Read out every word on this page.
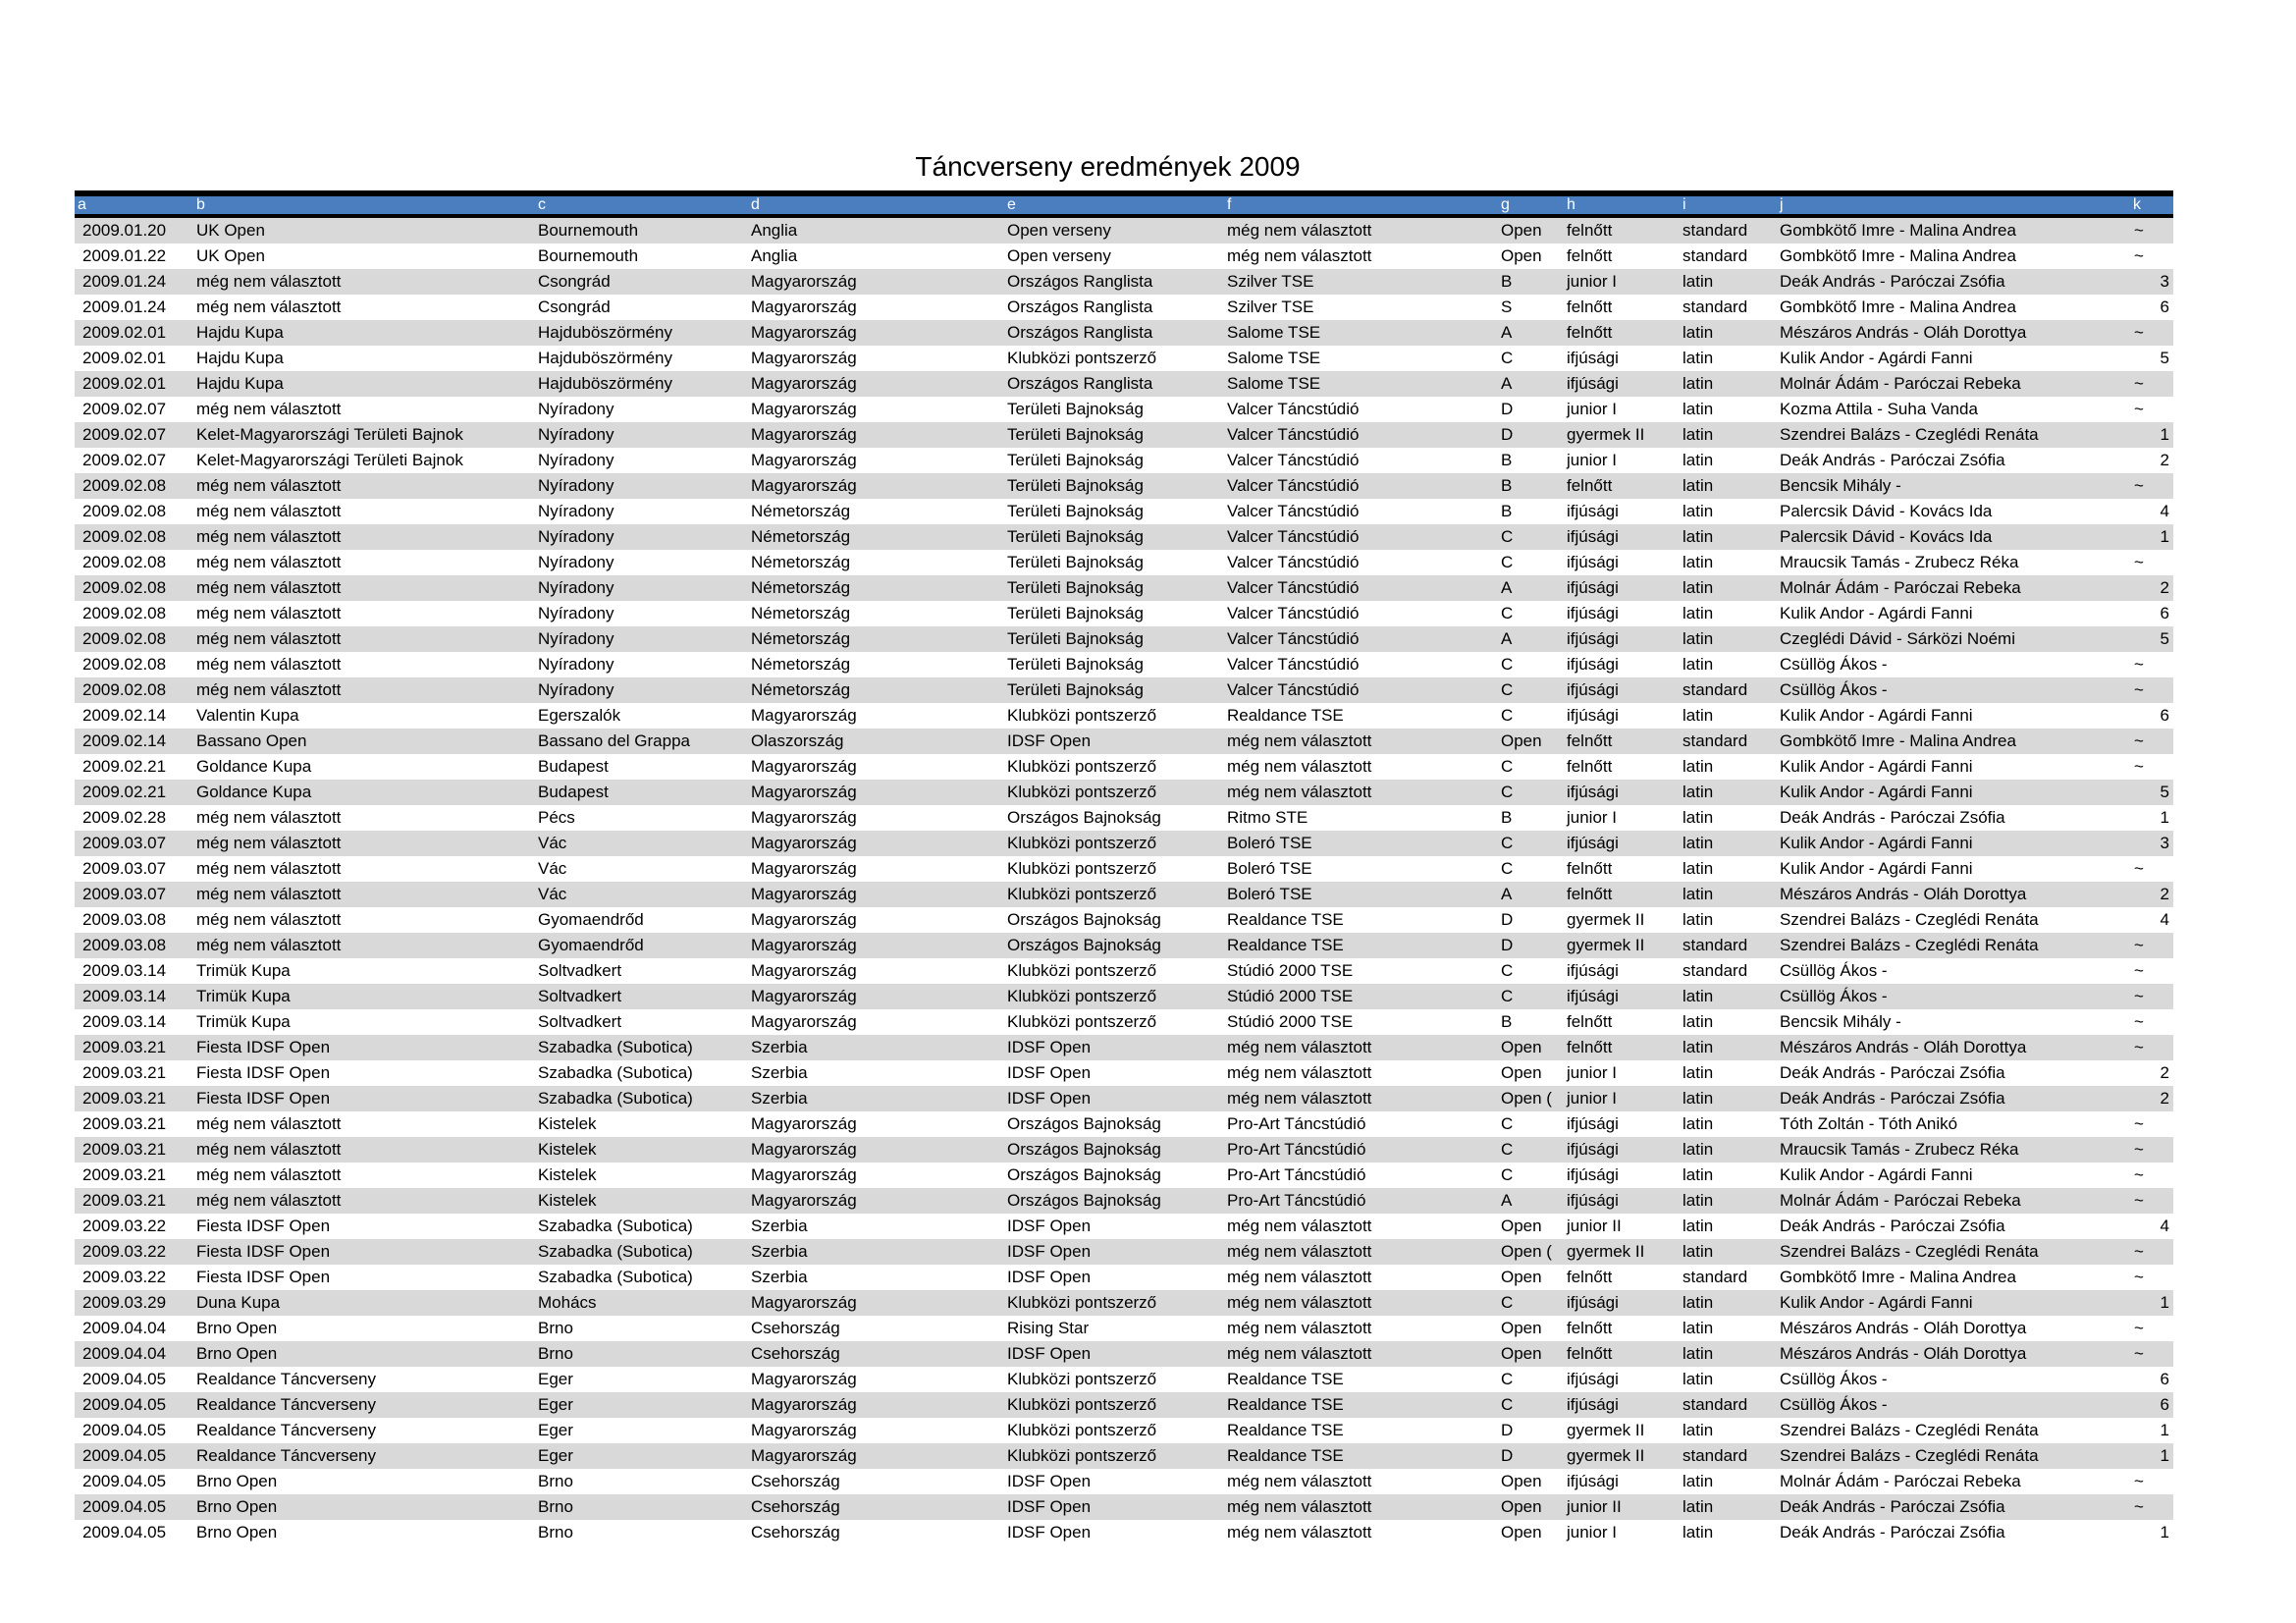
Táncverseny eredmények 2009
a	b	c	d	e	f	g	h	i	j	k
2009.01.20	UK Open	Bournemouth	Anglia	Open verseny	még nem választott	Open	felnőtt	standard	Gombkötő Imre - Malina Andrea	~
2009.01.22	UK Open	Bournemouth	Anglia	Open verseny	még nem választott	Open	felnőtt	standard	Gombkötő Imre - Malina Andrea	~
2009.01.24	még nem választott	Csongrád	Magyarország	Országos Ranglista	Szilver TSE	B	junior I	latin	Deák András - Paróczai Zsófia	3
2009.01.24	még nem választott	Csongrád	Magyarország	Országos Ranglista	Szilver TSE	S	felnőtt	standard	Gombkötő Imre - Malina Andrea	6
2009.02.01	Hajdu Kupa	Hajduböszörmény	Magyarország	Országos Ranglista	Salome TSE	A	felnőtt	latin	Mészáros András - Oláh Dorottya	~
2009.02.01	Hajdu Kupa	Hajduböszörmény	Magyarország	Klubközi pontszerző	Salome TSE	C	ifjúsági	latin	Kulik Andor - Agárdi Fanni	5
2009.02.01	Hajdu Kupa	Hajduböszörmény	Magyarország	Országos Ranglista	Salome TSE	A	ifjúsági	latin	Molnár Ádám - Paróczai Rebeka	~
2009.02.07	még nem választott	Nyíradony	Magyarország	Területi Bajnokság	Valcer Táncstúdió	D	junior I	latin	Kozma Attila - Suha Vanda	~
2009.02.07	Kelet-Magyarországi Területi Bajnok	Nyíradony	Magyarország	Területi Bajnokság	Valcer Táncstúdió	D	gyermek II	latin	Szendrei Balázs - Czeglédi Renáta	1
2009.02.07	Kelet-Magyarországi Területi Bajnok	Nyíradony	Magyarország	Területi Bajnokság	Valcer Táncstúdió	B	junior I	latin	Deák András - Paróczai Zsófia	2
2009.02.08	még nem választott	Nyíradony	Magyarország	Területi Bajnokság	Valcer Táncstúdió	B	felnőtt	latin	Bencsik Mihály -	~
2009.02.08	még nem választott	Nyíradony	Németország	Területi Bajnokság	Valcer Táncstúdió	B	ifjúsági	latin	Palercsik Dávid - Kovács Ida	4
2009.02.08	még nem választott	Nyíradony	Németország	Területi Bajnokság	Valcer Táncstúdió	C	ifjúsági	latin	Palercsik Dávid - Kovács Ida	1
2009.02.08	még nem választott	Nyíradony	Németország	Területi Bajnokság	Valcer Táncstúdió	C	ifjúsági	latin	Mraucsik Tamás - Zrubecz Réka	~
2009.02.08	még nem választott	Nyíradony	Németország	Területi Bajnokság	Valcer Táncstúdió	A	ifjúsági	latin	Molnár Ádám - Paróczai Rebeka	2
2009.02.08	még nem választott	Nyíradony	Németország	Területi Bajnokság	Valcer Táncstúdió	C	ifjúsági	latin	Kulik Andor - Agárdi Fanni	6
2009.02.08	még nem választott	Nyíradony	Németország	Területi Bajnokság	Valcer Táncstúdió	A	ifjúsági	latin	Czeglédi Dávid - Sárközi Noémi	5
2009.02.08	még nem választott	Nyíradony	Németország	Területi Bajnokság	Valcer Táncstúdió	C	ifjúsági	latin	Csüllög Ákos -	~
2009.02.08	még nem választott	Nyíradony	Németország	Területi Bajnokság	Valcer Táncstúdió	C	ifjúsági	standard	Csüllög Ákos -	~
2009.02.14	Valentin Kupa	Egerszalók	Magyarország	Klubközi pontszerző	Realdance TSE	C	ifjúsági	latin	Kulik Andor - Agárdi Fanni	6
2009.02.14	Bassano Open	Bassano del Grappa	Olaszország	IDSF Open	még nem választott	Open	felnőtt	standard	Gombkötő Imre - Malina Andrea	~
2009.02.21	Goldance Kupa	Budapest	Magyarország	Klubközi pontszerző	még nem választott	C	felnőtt	latin	Kulik Andor - Agárdi Fanni	~
2009.02.21	Goldance Kupa	Budapest	Magyarország	Klubközi pontszerző	még nem választott	C	ifjúsági	latin	Kulik Andor - Agárdi Fanni	5
2009.02.28	még nem választott	Pécs	Magyarország	Országos Bajnokság	Ritmo STE	B	junior I	latin	Deák András - Paróczai Zsófia	1
2009.03.07	még nem választott	Vác	Magyarország	Klubközi pontszerző	Boleró TSE	C	ifjúsági	latin	Kulik Andor - Agárdi Fanni	3
2009.03.07	még nem választott	Vác	Magyarország	Klubközi pontszerző	Boleró TSE	C	felnőtt	latin	Kulik Andor - Agárdi Fanni	~
2009.03.07	még nem választott	Vác	Magyarország	Klubközi pontszerző	Boleró TSE	A	felnőtt	latin	Mészáros András - Oláh Dorottya	2
2009.03.08	még nem választott	Gyomaendrőd	Magyarország	Országos Bajnokság	Realdance TSE	D	gyermek II	latin	Szendrei Balázs - Czeglédi Renáta	4
2009.03.08	még nem választott	Gyomaendrőd	Magyarország	Országos Bajnokság	Realdance TSE	D	gyermek II	standard	Szendrei Balázs - Czeglédi Renáta	~
2009.03.14	Trimük Kupa	Soltvadkert	Magyarország	Klubközi pontszerző	Stúdió 2000 TSE	C	ifjúsági	standard	Csüllög Ákos -	~
2009.03.14	Trimük Kupa	Soltvadkert	Magyarország	Klubközi pontszerző	Stúdió 2000 TSE	C	ifjúsági	latin	Csüllög Ákos -	~
2009.03.14	Trimük Kupa	Soltvadkert	Magyarország	Klubközi pontszerző	Stúdió 2000 TSE	B	felnőtt	latin	Bencsik Mihály -	~
2009.03.21	Fiesta IDSF Open	Szabadka (Subotica)	Szerbia	IDSF Open	még nem választott	Open	felnőtt	latin	Mészáros András - Oláh Dorottya	~
2009.03.21	Fiesta IDSF Open	Szabadka (Subotica)	Szerbia	IDSF Open	még nem választott	Open	junior I	latin	Deák András - Paróczai Zsófia	2
2009.03.21	Fiesta IDSF Open	Szabadka (Subotica)	Szerbia	IDSF Open	még nem választott	Open (	junior I	latin	Deák András - Paróczai Zsófia	2
2009.03.21	még nem választott	Kistelek	Magyarország	Országos Bajnokság	Pro-Art Táncstúdió	C	ifjúsági	latin	Tóth Zoltán - Tóth Anikó	~
2009.03.21	még nem választott	Kistelek	Magyarország	Országos Bajnokság	Pro-Art Táncstúdió	C	ifjúsági	latin	Mraucsik Tamás - Zrubecz Réka	~
2009.03.21	még nem választott	Kistelek	Magyarország	Országos Bajnokság	Pro-Art Táncstúdió	C	ifjúsági	latin	Kulik Andor - Agárdi Fanni	~
2009.03.21	még nem választott	Kistelek	Magyarország	Országos Bajnokság	Pro-Art Táncstúdió	A	ifjúsági	latin	Molnár Ádám - Paróczai Rebeka	~
2009.03.22	Fiesta IDSF Open	Szabadka (Subotica)	Szerbia	IDSF Open	még nem választott	Open	junior II	latin	Deák András - Paróczai Zsófia	4
2009.03.22	Fiesta IDSF Open	Szabadka (Subotica)	Szerbia	IDSF Open	még nem választott	Open (	gyermek II	latin	Szendrei Balázs - Czeglédi Renáta	~
2009.03.22	Fiesta IDSF Open	Szabadka (Subotica)	Szerbia	IDSF Open	még nem választott	Open	felnőtt	standard	Gombkötő Imre - Malina Andrea	~
2009.03.29	Duna Kupa	Mohács	Magyarország	Klubközi pontszerző	még nem választott	C	ifjúsági	latin	Kulik Andor - Agárdi Fanni	1
2009.04.04	Brno Open	Brno	Csehország	Rising Star	még nem választott	Open	felnőtt	latin	Mészáros András - Oláh Dorottya	~
2009.04.04	Brno Open	Brno	Csehország	IDSF Open	még nem választott	Open	felnőtt	latin	Mészáros András - Oláh Dorottya	~
2009.04.05	Realdance Táncverseny	Eger	Magyarország	Klubközi pontszerző	Realdance TSE	C	ifjúsági	latin	Csüllög Ákos -	6
2009.04.05	Realdance Táncverseny	Eger	Magyarország	Klubközi pontszerző	Realdance TSE	C	ifjúsági	standard	Csüllög Ákos -	6
2009.04.05	Realdance Táncverseny	Eger	Magyarország	Klubközi pontszerző	Realdance TSE	D	gyermek II	latin	Szendrei Balázs - Czeglédi Renáta	1
2009.04.05	Realdance Táncverseny	Eger	Magyarország	Klubközi pontszerző	Realdance TSE	D	gyermek II	standard	Szendrei Balázs - Czeglédi Renáta	1
2009.04.05	Brno Open	Brno	Csehország	IDSF Open	még nem választott	Open	ifjúsági	latin	Molnár Ádám - Paróczai Rebeka	~
2009.04.05	Brno Open	Brno	Csehország	IDSF Open	még nem választott	Open	junior II	latin	Deák András - Paróczai Zsófia	~
2009.04.05	Brno Open	Brno	Csehország	IDSF Open	még nem választott	Open	junior I	latin	Deák András - Paróczai Zsófia	1
